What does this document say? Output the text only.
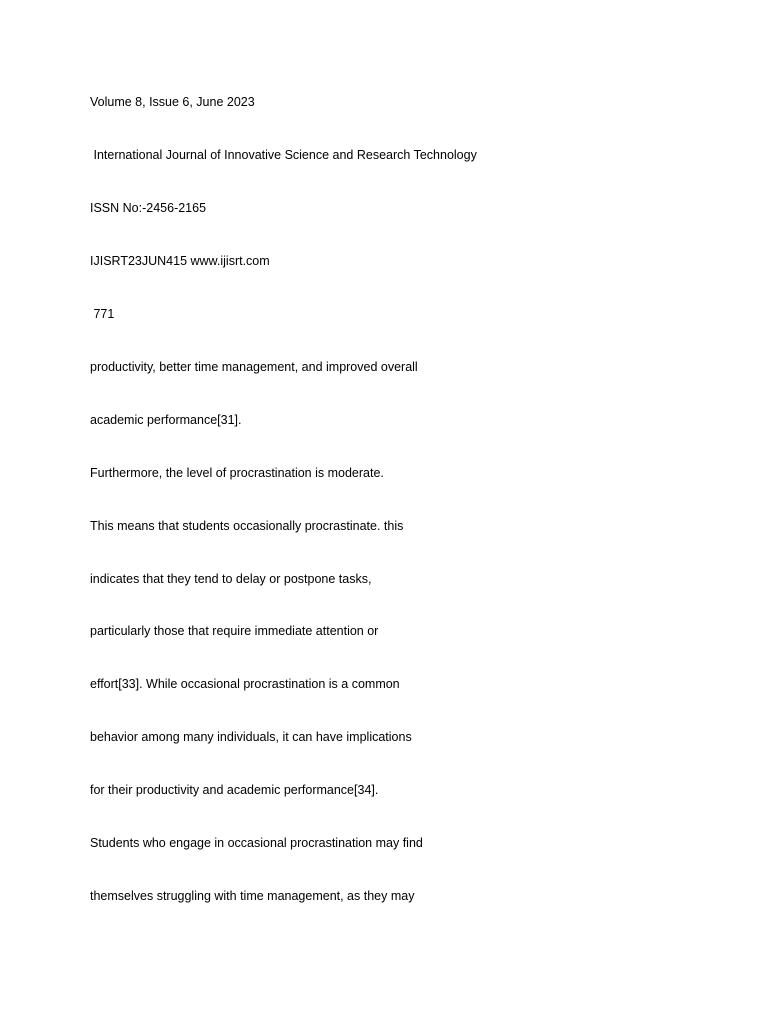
Volume 8, Issue 6, June 2023
International Journal of Innovative Science and Research Technology
ISSN No:-2456-2165
IJISRT23JUN415 www.ijisrt.com
771
productivity, better time management, and improved overall
academic performance[31].
Furthermore, the level of procrastination is moderate.
This means that students occasionally procrastinate. this
indicates that they tend to delay or postpone tasks,
particularly those that require immediate attention or
effort[33]. While occasional procrastination is a common
behavior among many individuals, it can have implications
for their productivity and academic performance[34].
Students who engage in occasional procrastination may find
themselves struggling with time management, as they may
